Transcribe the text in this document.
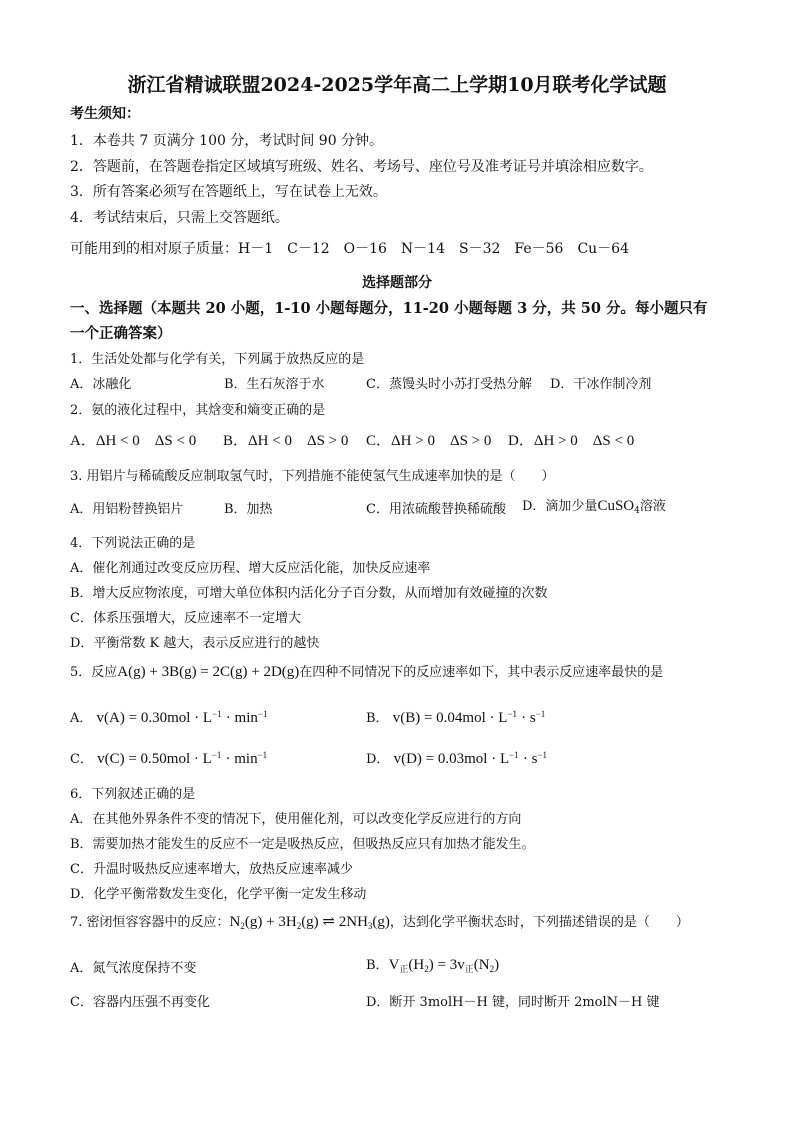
浙江省精诚联盟2024-2025学年高二上学期10月联考化学试题
考生须知：
1．本卷共 7 页满分 100 分，考试时间 90 分钟。
2．答题前，在答题卷指定区域填写班级、姓名、考场号、座位号及准考证号并填涂相应数字。
3．所有答案必须写在答题纸上，写在试卷上无效。
4．考试结束后，只需上交答题纸。
可能用到的相对原子质量：H－1　C－12　O－16　N－14　S－32　Fe－56　Cu－64
选择题部分
一、选择题（本题共 20 小题，1-10 小题每题分，11-20 小题每题 3 分，共 50 分。每小题只有
一个正确答案）
1．生活处处都与化学有关，下列属于放热反应的是
A．冰融化	B．生石灰溶于水	C．蒸馒头时小苏打受热分解 D．干冰作制冷剂
2．氨的液化过程中，其焓变和熵变正确的是
A．ΔH < 0　ΔS < 0 B．ΔH < 0　ΔS > 0 C．ΔH > 0　ΔS > 0 D．ΔH > 0　ΔS < 0
3. 用铝片与稀硫酸反应制取氢气时，下列措施不能使氢气生成速率加快的是（　　）
A．用铝粉替换铝片	B．加热	C．用浓硫酸替换稀硫酸 D．滴加少量CuSO$_4$溶液
4．下列说法正确的是
A．催化剂通过改变反应历程、增大反应活化能，加快反应速率
B．增大反应物浓度，可增大单位体积内活化分子百分数，从而增加有效碰撞的次数
C．体系压强增大，反应速率不一定增大
D．平衡常数 K 越大，表示反应进行的越快
5．反应A(g) + 3B(g) = 2C(g) + 2D(g)在四种不同情况下的反应速率如下，其中表示反应速率最快的是
A． $v(A) = 0.30mol \cdot L^{-1} \cdot \min^{-1}$	B． $v(B) = 0.04mol \cdot L^{-1} \cdot s^{-1}$
C． $v(C) = 0.50mol \cdot L^{-1} \cdot \min^{-1}$	D． $v(D) = 0.03mol \cdot L^{-1} \cdot s^{-1}$
6．下列叙述正确的是
A．在其他外界条件不变的情况下，使用催化剂，可以改变化学反应进行的方向
B．需要加热才能发生的反应不一定是吸热反应，但吸热反应只有加热才能发生。
C．升温时吸热反应速率增大，放热反应速率减少
D．化学平衡常数发生变化，化学平衡一定发生移动
7. 密闭恒容容器中的反应：$N_2(g) + 3H_2(g)$ ⇌ $2NH_3(g)$，达到化学平衡状态时，下列描述错误的是（　　）
A．氮气浓度保持不变	B．$V_正(H_2) = 3v_正(N_2)$
C．容器内压强不再变化	D．断开 3molH－H 键，同时断开 2molN－H 键
